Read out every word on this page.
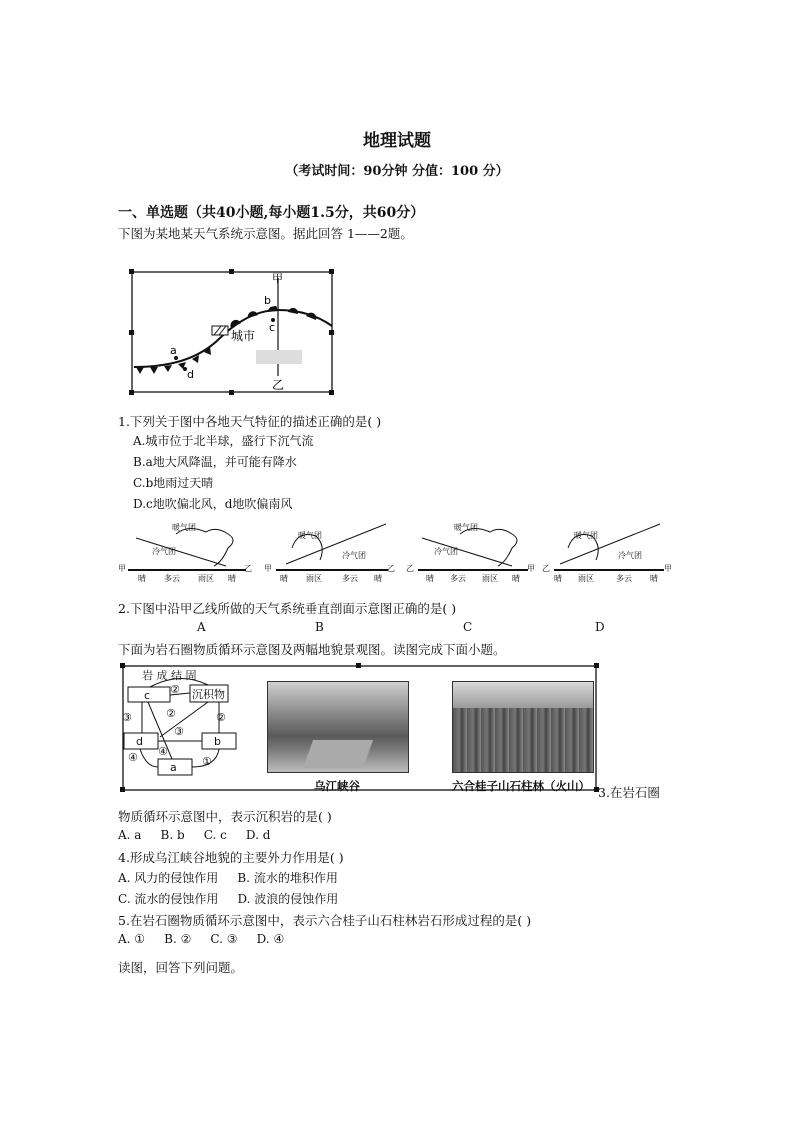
地理试题
（考试时间：90分钟 分值：100 分）
一、单选题（共40小题,每小题1.5分，共60分）
下图为某地某天气系统示意图。据此回答 1——2题。
甲
乙
城市
b
c
a
d
1.下列关于图中各地天气特征的描述正确的是( )
A.城市位于北半球，盛行下沉气流
B.a地大风降温，并可能有降水
C.b地雨过天晴
D.c地吹偏北风，d地吹偏南风
甲	乙
暖气团
冷气团
晴 多云 雨区 晴
甲	乙
暖气团
冷气团
晴 雨区	多云 晴
乙	甲
暖气团
冷气团
晴 多云 雨区 晴
乙	甲
暖气团
冷气团
晴 雨区	多云 晴
2.下图中沿甲乙线所做的天气系统垂直剖面示意图正确的是( )
A	B	C	D
下面为岩石圈物质循环示意图及两幅地貌景观图。读图完成下面小题。
岩 成 结 固
c	沉积物
d	b
a
②
②	②
③
③
④ ④
①
乌江峡谷	六合桂子山石柱林（火山） 3.在岩石圈
物质循环示意图中，表示沉积岩的是( )
A. a     B. b     C. c     D. d
4.形成乌江峡谷地貌的主要外力作用是( )
A. 风力的侵蚀作用     B. 流水的堆积作用
C. 流水的侵蚀作用     D. 波浪的侵蚀作用
5.在岩石圈物质循环示意图中，表示六合桂子山石柱林岩石形成过程的是( )
A. ①     B. ②     C. ③     D. ④
读图，回答下列问题。
